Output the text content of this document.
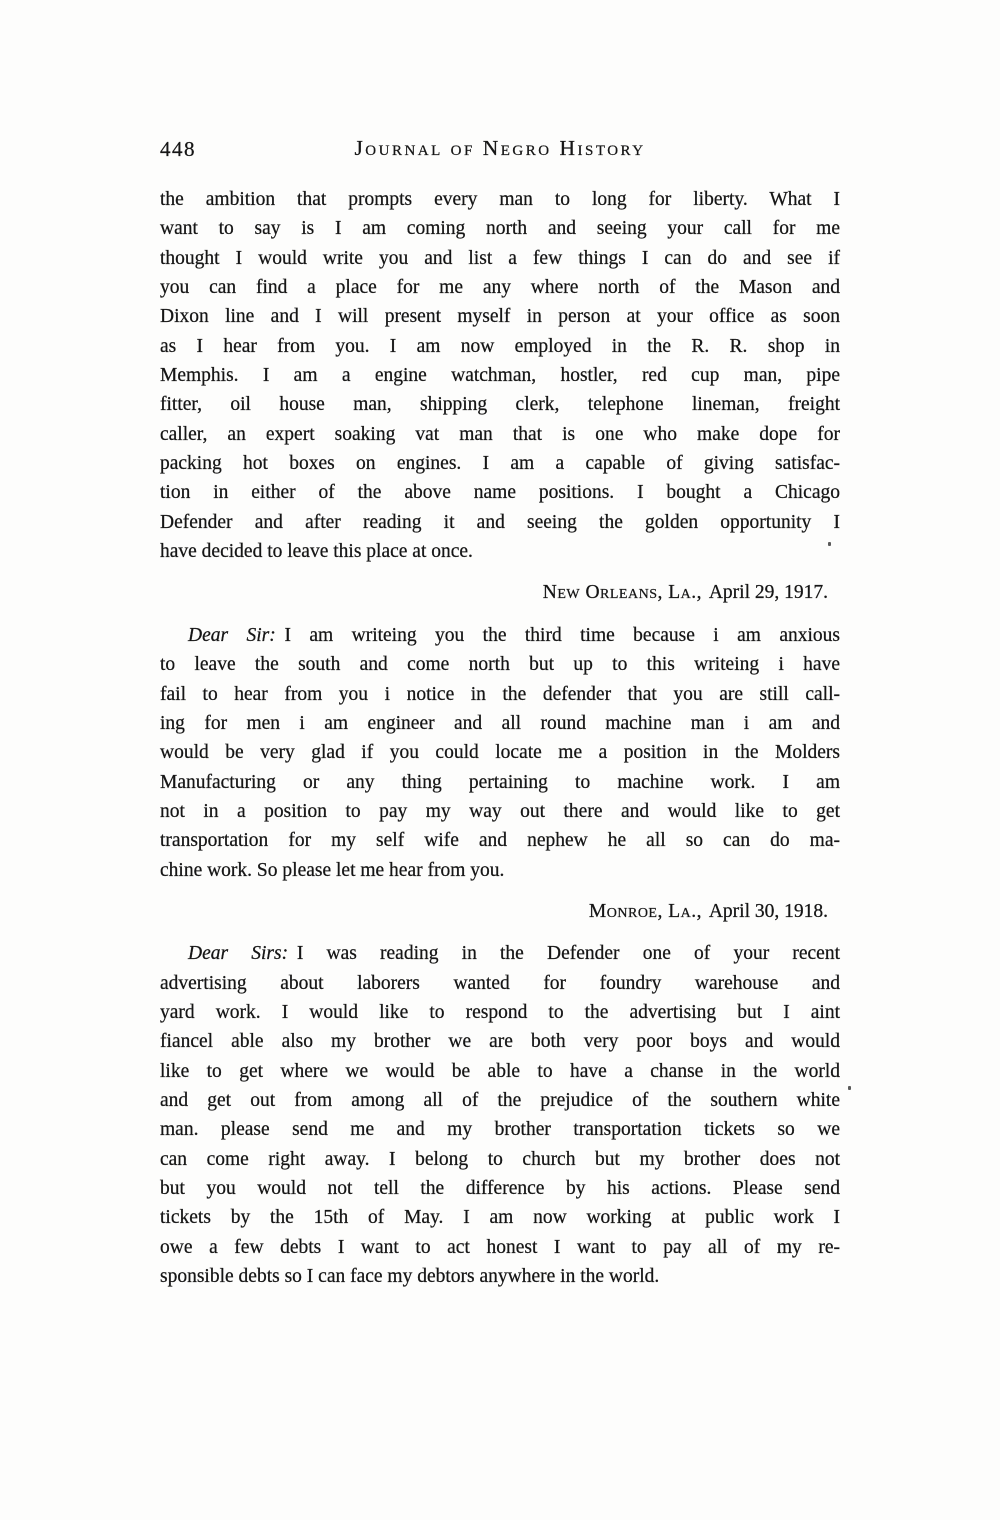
448	Journal of Negro History
the ambition that prompts every man to long for liberty. What I
want to say is I am coming north and seeing your call for me
thought I would write you and list a few things I can do and see if
you can find a place for me any where north of the Mason and
Dixon line and I will present myself in person at your office as soon
as I hear from you. I am now employed in the R. R. shop in
Memphis. I am a engine watchman, hostler, red cup man, pipe
fitter, oil house man, shipping clerk, telephone lineman, freight
caller, an expert soaking vat man that is one who make dope for
packing hot boxes on engines. I am a capable of giving satisfac-
tion in either of the above name positions. I bought a Chicago
Defender and after reading it and seeing the golden opportunity I
have decided to leave this place at once.
New Orleans, La., April 29, 1917.
Dear Sir: I am writeing you the third time because i am anxious
to leave the south and come north but up to this writeing i have
fail to hear from you i notice in the defender that you are still call-
ing for men i am engineer and all round machine man i am and
would be very glad if you could locate me a position in the Molders
Manufacturing or any thing pertaining to machine work. I am
not in a position to pay my way out there and would like to get
transportation for my self wife and nephew he all so can do ma-
chine work. So please let me hear from you.
Monroe, La., April 30, 1918.
Dear Sirs: I was reading in the Defender one of your recent
advertising about laborers wanted for foundry warehouse and
yard work. I would like to respond to the advertising but I aint
fiancel able also my brother we are both very poor boys and would
like to get where we would be able to have a chanse in the world
and get out from among all of the prejudice of the southern white
man. please send me and my brother transportation tickets so we
can come right away. I belong to church but my brother does not
but you would not tell the difference by his actions. Please send
tickets by the 15th of May. I am now working at public work I
owe a few debts I want to act honest I want to pay all of my re-
sponsible debts so I can face my debtors anywhere in the world.
